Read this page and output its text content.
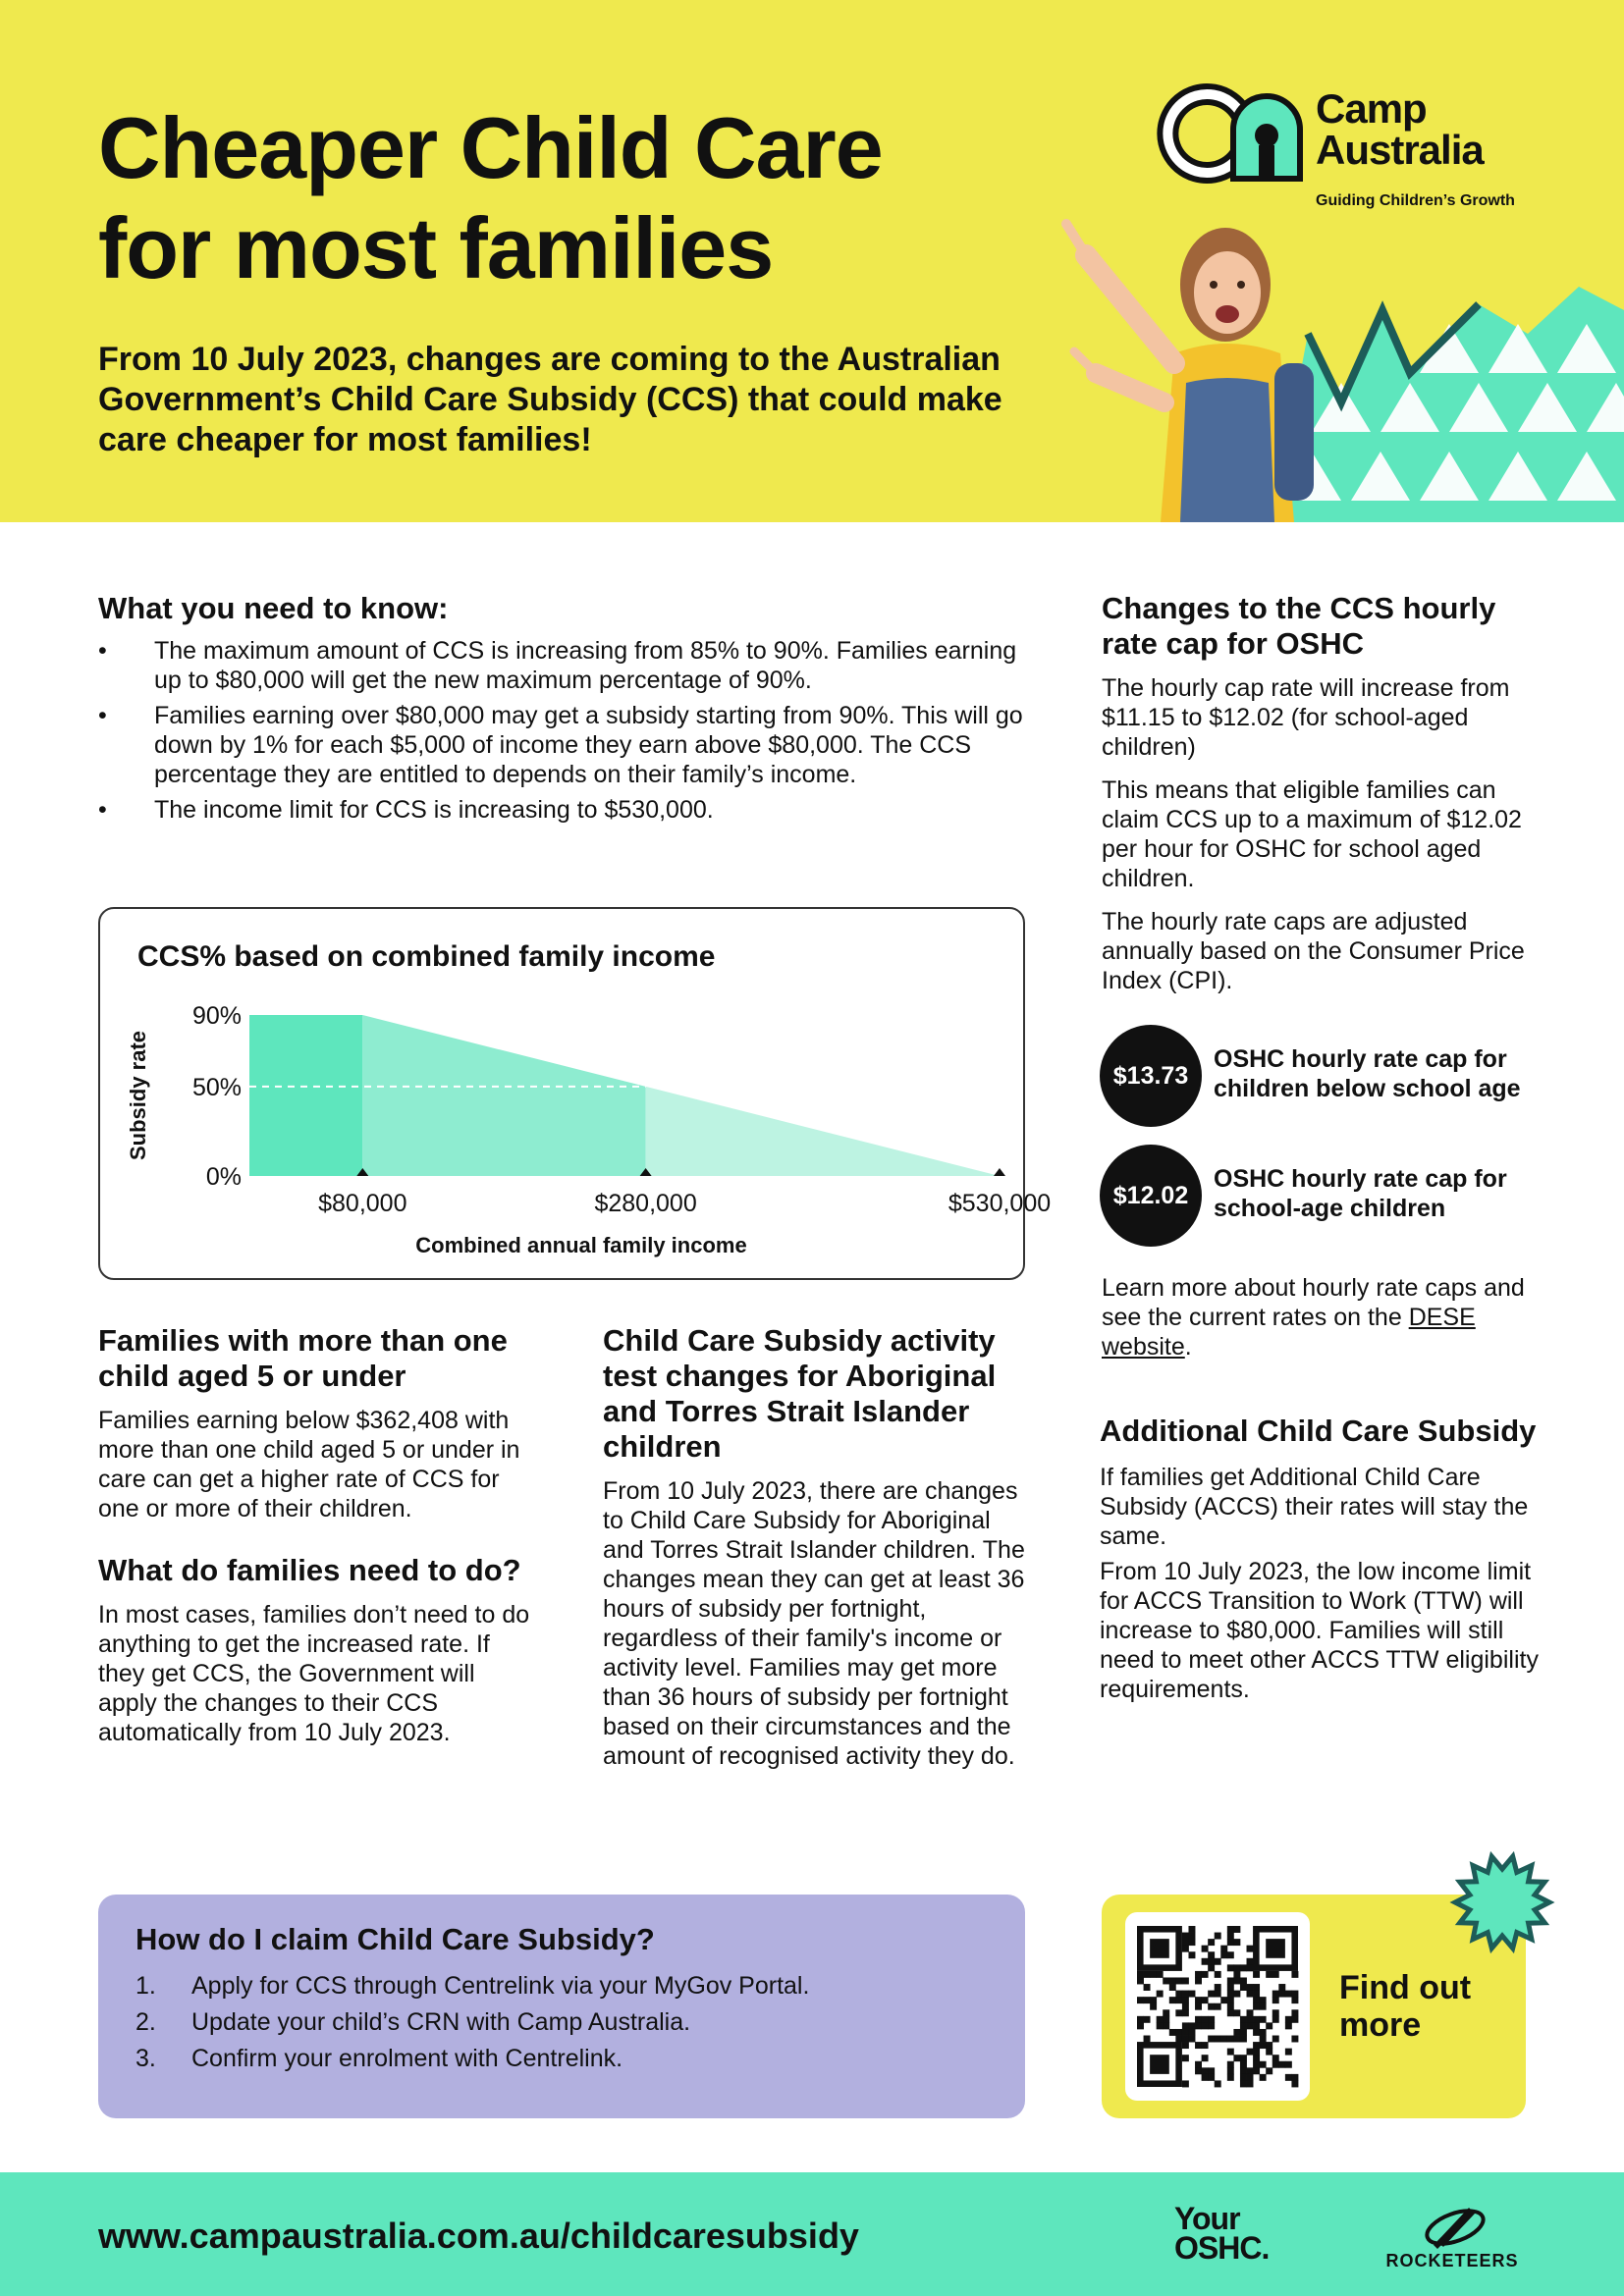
Cheaper Child Care
for most families

From 10 July 2023, changes are coming to the Australian Government’s Child Care Subsidy (CCS) that could make care cheaper for most families!

Camp
Australia
Guiding Children’s Growth
What you need to know:
• The maximum amount of CCS is increasing from 85% to 90%. Families earning up to $80,000 will get the new maximum percentage of 90%.
• Families earning over $80,000 may get a subsidy starting from 90%. This will go down by 1% for each $5,000 of income they earn above $80,000. The CCS percentage they are entitled to depends on their family’s income.
• The income limit for CCS is increasing to $530,000.
CCS% based on combined family income
90%
50%
0%
$80,000	$280,000	$530,000
Combined annual family income
Subsidy rate
Changes to the CCS hourly rate cap for OSHC

The hourly cap rate will increase from $11.15 to $12.02 (for school-aged children)

This means that eligible families can claim CCS up to a maximum of $12.02 per hour for OSHC for school aged children.

The hourly rate caps are adjusted annually based on the Consumer Price Index (CPI).

$13.73
OSHC hourly rate cap for children below school age
$12.02
OSHC hourly rate cap for school-age children

Learn more about hourly rate caps and see the current rates on the DESE website.

Additional Child Care Subsidy

If families get Additional Child Care Subsidy (ACCS) their rates will stay the same.

From 10 July 2023, the low income limit for ACCS Transition to Work (TTW) will increase to $80,000. Families will still need to meet other ACCS TTW eligibility requirements.

Families with more than one child aged 5 or under

Families earning below $362,408 with more than one child aged 5 or under in care can get a higher rate of CCS for one or more of their children.

What do families need to do?

In most cases, families don’t need to do anything to get the increased rate. If they get CCS, the Government will apply the changes to their CCS automatically from 10 July 2023.

Child Care Subsidy activity test changes for Aboriginal and Torres Strait Islander children

From 10 July 2023, there are changes to Child Care Subsidy for Aboriginal and Torres Strait Islander children. The changes mean they can get at least 36 hours of subsidy per fortnight, regardless of their family's income or activity level. Families may get more than 36 hours of subsidy per fortnight based on their circumstances and the amount of recognised activity they do.

How do I claim Child Care Subsidy?
1. Apply for CCS through Centrelink via your MyGov Portal.
2. Update your child’s CRN with Camp Australia.
3. Confirm your enrolment with Centrelink.
Find out more
www.campaustralia.com.au/childcaresubsidy	Your
OSHC.	ROCKETEERS
